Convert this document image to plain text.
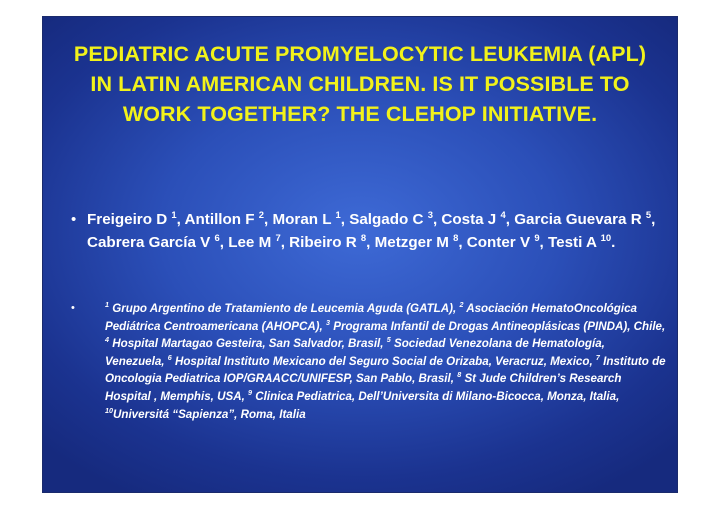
PEDIATRIC ACUTE PROMYELOCYTIC LEUKEMIA (APL) IN LATIN AMERICAN CHILDREN. IS IT POSSIBLE TO WORK TOGETHER? THE CLEHOP INITIATIVE.
• Freigeiro D $^1$, Antillon F $^2$, Moran L $^1$, Salgado C $^3$, Costa J $^4$, Garcia Guevara R $^5$, Cabrera García V $^6$, Lee M $^7$, Ribeiro R $^8$, Metzger M $^8$, Conter V $^9$, Testi A $^{10}$.
•	$^1$ Grupo Argentino de Tratamiento de Leucemia Aguda (GATLA), $^2$ Asociación HematoOncológica Pediátrica Centroamericana (AHOPCA), $^3$ Programa Infantil de Drogas Antineoplásicas (PINDA), Chile, $^4$ Hospital Martagao Gesteira, San Salvador, Brasil, $^5$ Sociedad Venezolana de Hematología, Venezuela, $^6$ Hospital Instituto Mexicano del Seguro Social de Orizaba, Veracruz, Mexico, $^7$ Instituto de Oncologia Pediatrica IOP/GRAACC/UNIFESP, San Pablo, Brasil, $^8$ St Jude Children’s Research Hospital , Memphis, USA, $^9$ Clinica Pediatrica, Dell’Universita di Milano-Bicocca, Monza, Italia, $^{10}$Universitá “Sapienza”, Roma, Italia
